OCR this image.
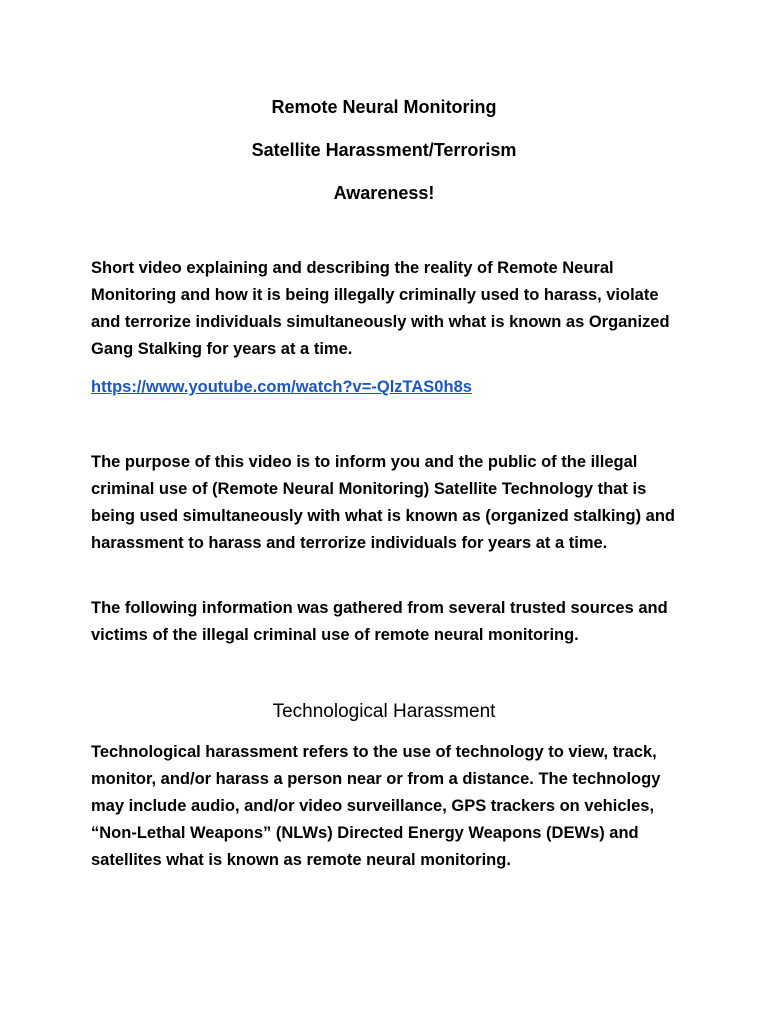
Remote Neural Monitoring

Satellite Harassment/Terrorism

Awareness!

Short video explaining and describing the reality of Remote Neural Monitoring and how it is being illegally criminally used to harass, violate and terrorize individuals simultaneously with what is known as Organized Gang Stalking for years at a time.

https://www.youtube.com/watch?v=-QlzTAS0h8s

The purpose of this video is to inform you and the public of the illegal criminal use of (Remote Neural Monitoring) Satellite Technology that is being used simultaneously with what is known as (organized stalking) and harassment to harass and terrorize individuals for years at a time.

The following information was gathered from several trusted sources and victims of the illegal criminal use of remote neural monitoring.

Technological Harassment

Technological harassment refers to the use of technology to view, track, monitor, and/or harass a person near or from a distance. The technology may include audio, and/or video surveillance, GPS trackers on vehicles, “Non-Lethal Weapons” (NLWs) Directed Energy Weapons (DEWs) and satellites what is known as remote neural monitoring.
